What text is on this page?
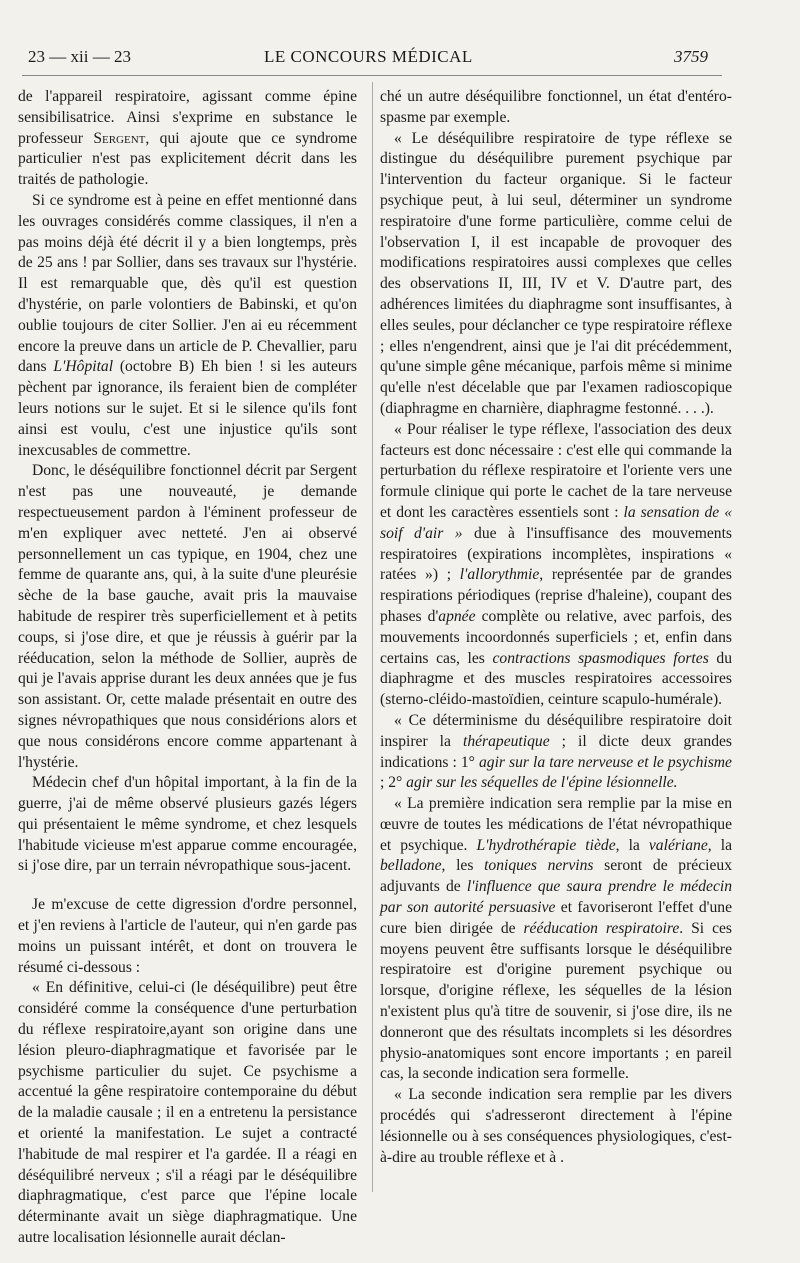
23 — xii — 23	LE CONCOURS MÉDICAL	3759

de l'appareil respiratoire, agissant comme épine sensibilisatrice. Ainsi s'exprime en substance le professeur Sergent, qui ajoute que ce syndrome particulier n'est pas explicitement décrit dans les traités de pathologie.

Si ce syndrome est à peine en effet mentionné dans les ouvrages considérés comme classiques, il n'en a pas moins déjà été décrit il y a bien longtemps, près de 25 ans ! par Sollier, dans ses travaux sur l'hystérie. Il est remarquable que, dès qu'il est question d'hystérie, on parle volontiers de Babinski, et qu'on oublie toujours de citer Sollier. J'en ai eu récemment encore la preuve dans un article de P. Chevallier, paru dans L'Hôpital (octobre B) Eh bien ! si les auteurs pèchent par ignorance, ils feraient bien de compléter leurs notions sur le sujet. Et si le silence qu'ils font ainsi est voulu, c'est une injustice qu'ils sont inexcusables de commettre.

Donc, le déséquilibre fonctionnel décrit par Sergent n'est pas une nouveauté, je demande respectueusement pardon à l'éminent professeur de m'en expliquer avec netteté. J'en ai observé personnellement un cas typique, en 1904, chez une femme de quarante ans, qui, à la suite d'une pleurésie sèche de la base gauche, avait pris la mauvaise habitude de respirer très superficiellement et à petits coups, si j'ose dire, et que je réussis à guérir par la rééducation, selon la méthode de Sollier, auprès de qui je l'avais apprise durant les deux années que je fus son assistant. Or, cette malade présentait en outre des signes névropathiques que nous considérions alors et que nous considérons encore comme appartenant à l'hystérie.

Médecin chef d'un hôpital important, à la fin de la guerre, j'ai de même observé plusieurs gazés légers qui présentaient le même syndrome, et chez lesquels l'habitude vicieuse m'est apparue comme encouragée, si j'ose dire, par un terrain névropathique sous-jacent.

Je m'excuse de cette digression d'ordre personnel, et j'en reviens à l'article de l'auteur, qui n'en garde pas moins un puissant intérêt, et dont on trouvera le résumé ci-dessous :

« En définitive, celui-ci (le déséquilibre) peut être considéré comme la conséquence d'une perturbation du réflexe respiratoire,ayant son origine dans une lésion pleuro-diaphragmatique et favorisée par le psychisme particulier du sujet. Ce psychisme a accentué la gêne respiratoire contemporaine du début de la maladie causale ; il en a entretenu la persistance et orienté la manifestation. Le sujet a contracté l'habitude de mal respirer et l'a gardée. Il a réagi en déséquilibré nerveux ; s'il a réagi par le déséquilibre diaphragmatique, c'est parce que l'épine locale déterminante avait un siège diaphragmatique. Une autre localisation lésionnelle aurait déclan-

ché un autre déséquilibre fonctionnel, un état d'entéro-spasme par exemple.

« Le déséquilibre respiratoire de type réflexe se distingue du déséquilibre purement psychique par l'intervention du facteur organique. Si le facteur psychique peut, à lui seul, déterminer un syndrome respiratoire d'une forme particulière, comme celui de l'observation I, il est incapable de provoquer des modifications respiratoires aussi complexes que celles des observations II, III, IV et V. D'autre part, des adhérences limitées du diaphragme sont insuffisantes, à elles seules, pour déclancher ce type respiratoire réflexe ; elles n'engendrent, ainsi que je l'ai dit précédemment, qu'une simple gêne mécanique, parfois même si minime qu'elle n'est décelable que par l'examen radioscopique (diaphragme en charnière, diaphragme festonné. . . .).

« Pour réaliser le type réflexe, l'association des deux facteurs est donc nécessaire : c'est elle qui commande la perturbation du réflexe respiratoire et l'oriente vers une formule clinique qui porte le cachet de la tare nerveuse et dont les caractères essentiels sont : la sensation de « soif d'air » due à l'insuffisance des mouvements respiratoires (expirations incomplètes, inspirations « ratées ») ; l'allorythmie, représentée par de grandes respirations périodiques (reprise d'haleine), coupant des phases d'apnée complète ou relative, avec parfois, des mouvements incoordonnés superficiels ; et, enfin dans certains cas, les contractions spasmodiques fortes du diaphragme et des muscles respiratoires accessoires (sterno-cléido-mastoïdien, ceinture scapulo-humérale).

« Ce déterminisme du déséquilibre respiratoire doit inspirer la thérapeutique ; il dicte deux grandes indications : 1° agir sur la tare nerveuse et le psychisme ; 2° agir sur les séquelles de l'épine lésionnelle.

« La première indication sera remplie par la mise en œuvre de toutes les médications de l'état névropathique et psychique. L'hydrothérapie tiède, la valériane, la belladone, les toniques nervins seront de précieux adjuvants de l'influence que saura prendre le médecin par son autorité persuasive et favoriseront l'effet d'une cure bien dirigée de rééducation respiratoire. Si ces moyens peuvent être suffisants lorsque le déséquilibre respiratoire est d'origine purement psychique ou lorsque, d'origine réflexe, les séquelles de la lésion n'existent plus qu'à titre de souvenir, si j'ose dire, ils ne donneront que des résultats incomplets si les désordres physio-anatomiques sont encore importants ; en pareil cas, la seconde indication sera formelle.

« La seconde indication sera remplie par les divers procédés qui s'adresseront directement à l'épine lésionnelle ou à ses conséquences physiologiques, c'est-à-dire au trouble réflexe et à .
